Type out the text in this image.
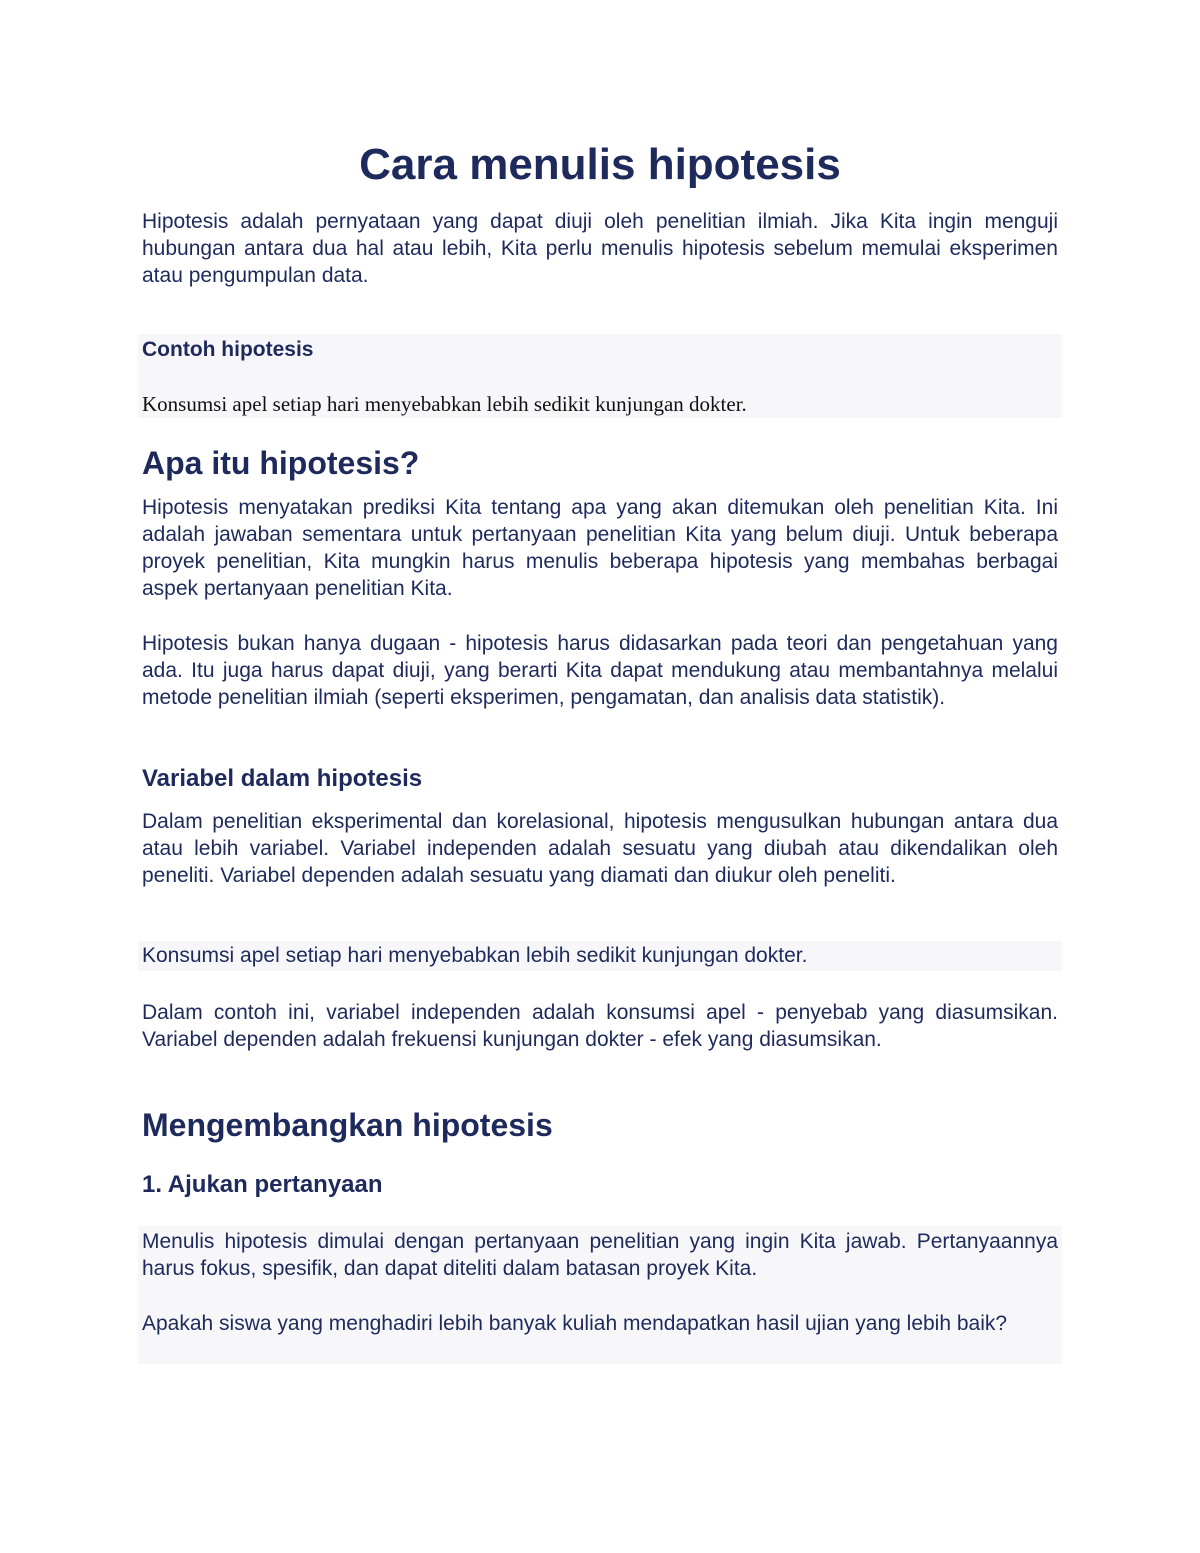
Cara menulis hipotesis

Hipotesis adalah pernyataan yang dapat diuji oleh penelitian ilmiah. Jika Kita ingin menguji hubungan antara dua hal atau lebih, Kita perlu menulis hipotesis sebelum memulai eksperimen atau pengumpulan data.

Contoh hipotesis

Konsumsi apel setiap hari menyebabkan lebih sedikit kunjungan dokter.

Apa itu hipotesis?

Hipotesis menyatakan prediksi Kita tentang apa yang akan ditemukan oleh penelitian Kita. Ini adalah jawaban sementara untuk pertanyaan penelitian Kita yang belum diuji. Untuk beberapa proyek penelitian, Kita mungkin harus menulis beberapa hipotesis yang membahas berbagai aspek pertanyaan penelitian Kita.

Hipotesis bukan hanya dugaan - hipotesis harus didasarkan pada teori dan pengetahuan yang ada. Itu juga harus dapat diuji, yang berarti Kita dapat mendukung atau membantahnya melalui metode penelitian ilmiah (seperti eksperimen, pengamatan, dan analisis data statistik).

Variabel dalam hipotesis

Dalam penelitian eksperimental dan korelasional, hipotesis mengusulkan hubungan antara dua atau lebih variabel. Variabel independen adalah sesuatu yang diubah atau dikendalikan oleh peneliti. Variabel dependen adalah sesuatu yang diamati dan diukur oleh peneliti.

Konsumsi apel setiap hari menyebabkan lebih sedikit kunjungan dokter.

Dalam contoh ini, variabel independen adalah konsumsi apel - penyebab yang diasumsikan. Variabel dependen adalah frekuensi kunjungan dokter - efek yang diasumsikan.

Mengembangkan hipotesis
1. Ajukan pertanyaan

Menulis hipotesis dimulai dengan pertanyaan penelitian yang ingin Kita jawab. Pertanyaannya harus fokus, spesifik, dan dapat diteliti dalam batasan proyek Kita.

Apakah siswa yang menghadiri lebih banyak kuliah mendapatkan hasil ujian yang lebih baik?
